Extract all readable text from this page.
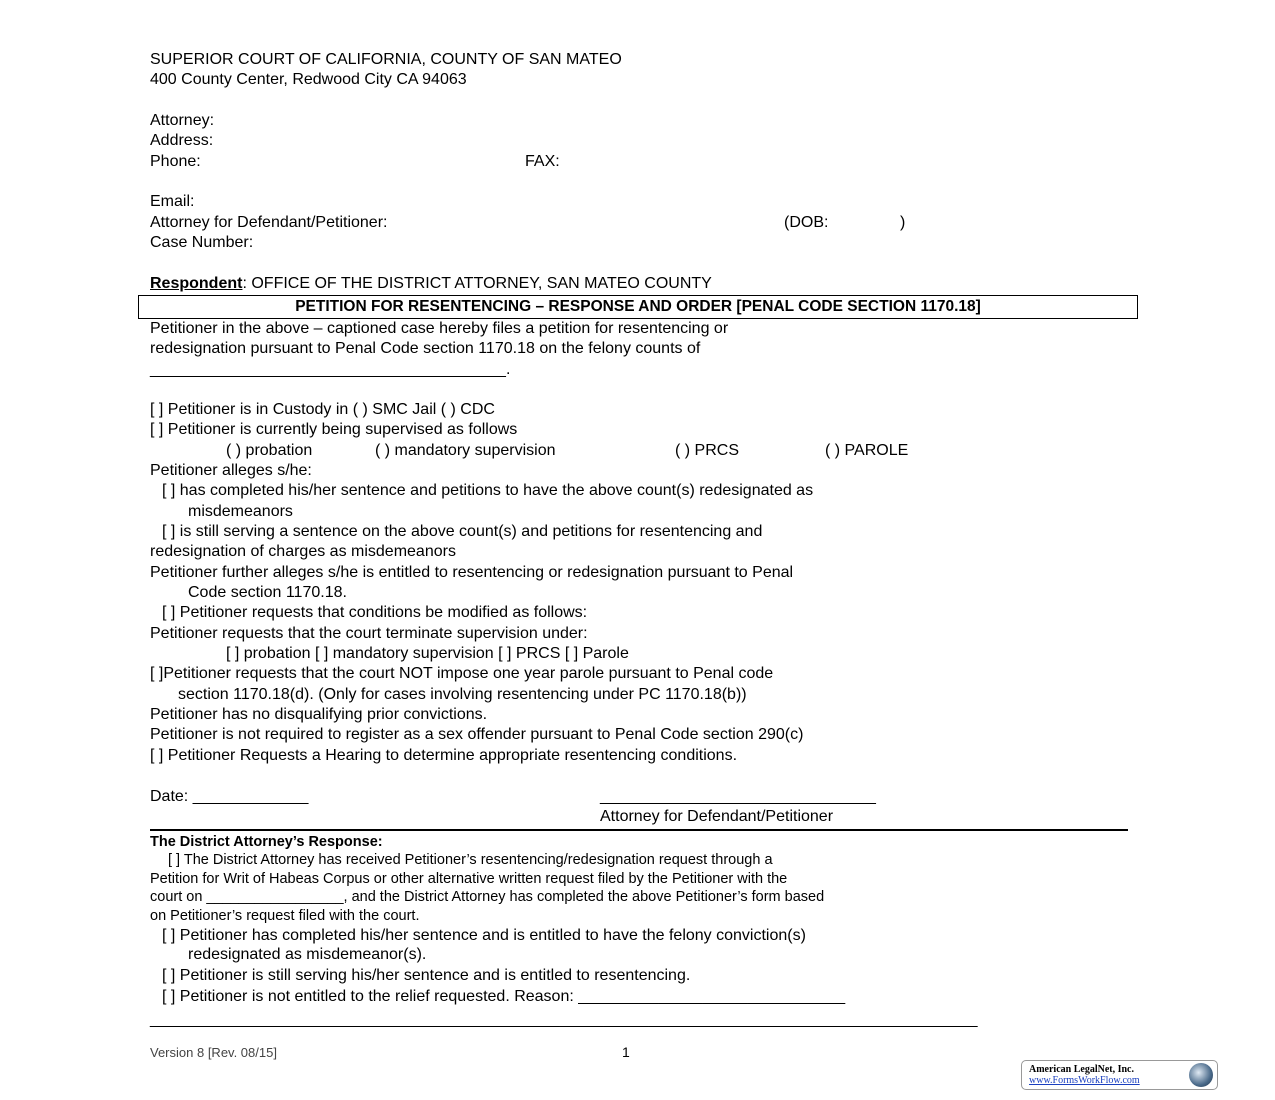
SUPERIOR COURT OF CALIFORNIA, COUNTY OF SAN MATEO
400 County Center, Redwood City CA 94063
Attorney:
Address:
Phone:	FAX:
Email:
Attorney for Defendant/Petitioner:	(DOB:	)
Case Number:
Respondent: OFFICE OF THE DISTRICT ATTORNEY, SAN MATEO COUNTY
PETITION FOR RESENTENCING – RESPONSE AND ORDER [PENAL CODE SECTION 1170.18]
Petitioner in the above – captioned case hereby files a petition for resentencing or
redesignation pursuant to Penal Code section 1170.18 on the felony counts of
________________________________________.
[ ] Petitioner is in Custody in ( ) SMC Jail ( ) CDC
[ ] Petitioner is currently being supervised as follows
( ) probation	( ) mandatory supervision	( ) PRCS	( ) PAROLE
Petitioner alleges s/he:
[ ] has completed his/her sentence and petitions to have the above count(s) redesignated as
misdemeanors
[ ] is still serving a sentence on the above count(s) and petitions for resentencing and
redesignation of charges as misdemeanors
Petitioner further alleges s/he is entitled to resentencing or redesignation pursuant to Penal
Code section 1170.18.
[ ] Petitioner requests that conditions be modified as follows:
Petitioner requests that the court terminate supervision under:
[ ] probation [ ] mandatory supervision [ ] PRCS [ ] Parole
[ ]Petitioner requests that the court NOT impose one year parole pursuant to Penal code
section 1170.18(d). (Only for cases involving resentencing under PC 1170.18(b))
Petitioner has no disqualifying prior convictions.
Petitioner is not required to register as a sex offender pursuant to Penal Code section 290(c)
[ ] Petitioner Requests a Hearing to determine appropriate resentencing conditions.
Date: _____________	_______________________________
Attorney for Defendant/Petitioner
The District Attorney’s Response:
[ ] The District Attorney has received Petitioner’s resentencing/redesignation request through a
Petition for Writ of Habeas Corpus or other alternative written request filed by the Petitioner with the
court on _________________, and the District Attorney has completed the above Petitioner’s form based
on Petitioner’s request filed with the court.
[ ] Petitioner has completed his/her sentence and is entitled to have the felony conviction(s)
redesignated as misdemeanor(s).
[ ] Petitioner is still serving his/her sentence and is entitled to resentencing.
[ ] Petitioner is not entitled to the relief requested. Reason: ______________________________
_____________________________________________________________________________________________
Version 8 [Rev. 08/15]	1
American LegalNet, Inc.
www.FormsWorkFlow.com
